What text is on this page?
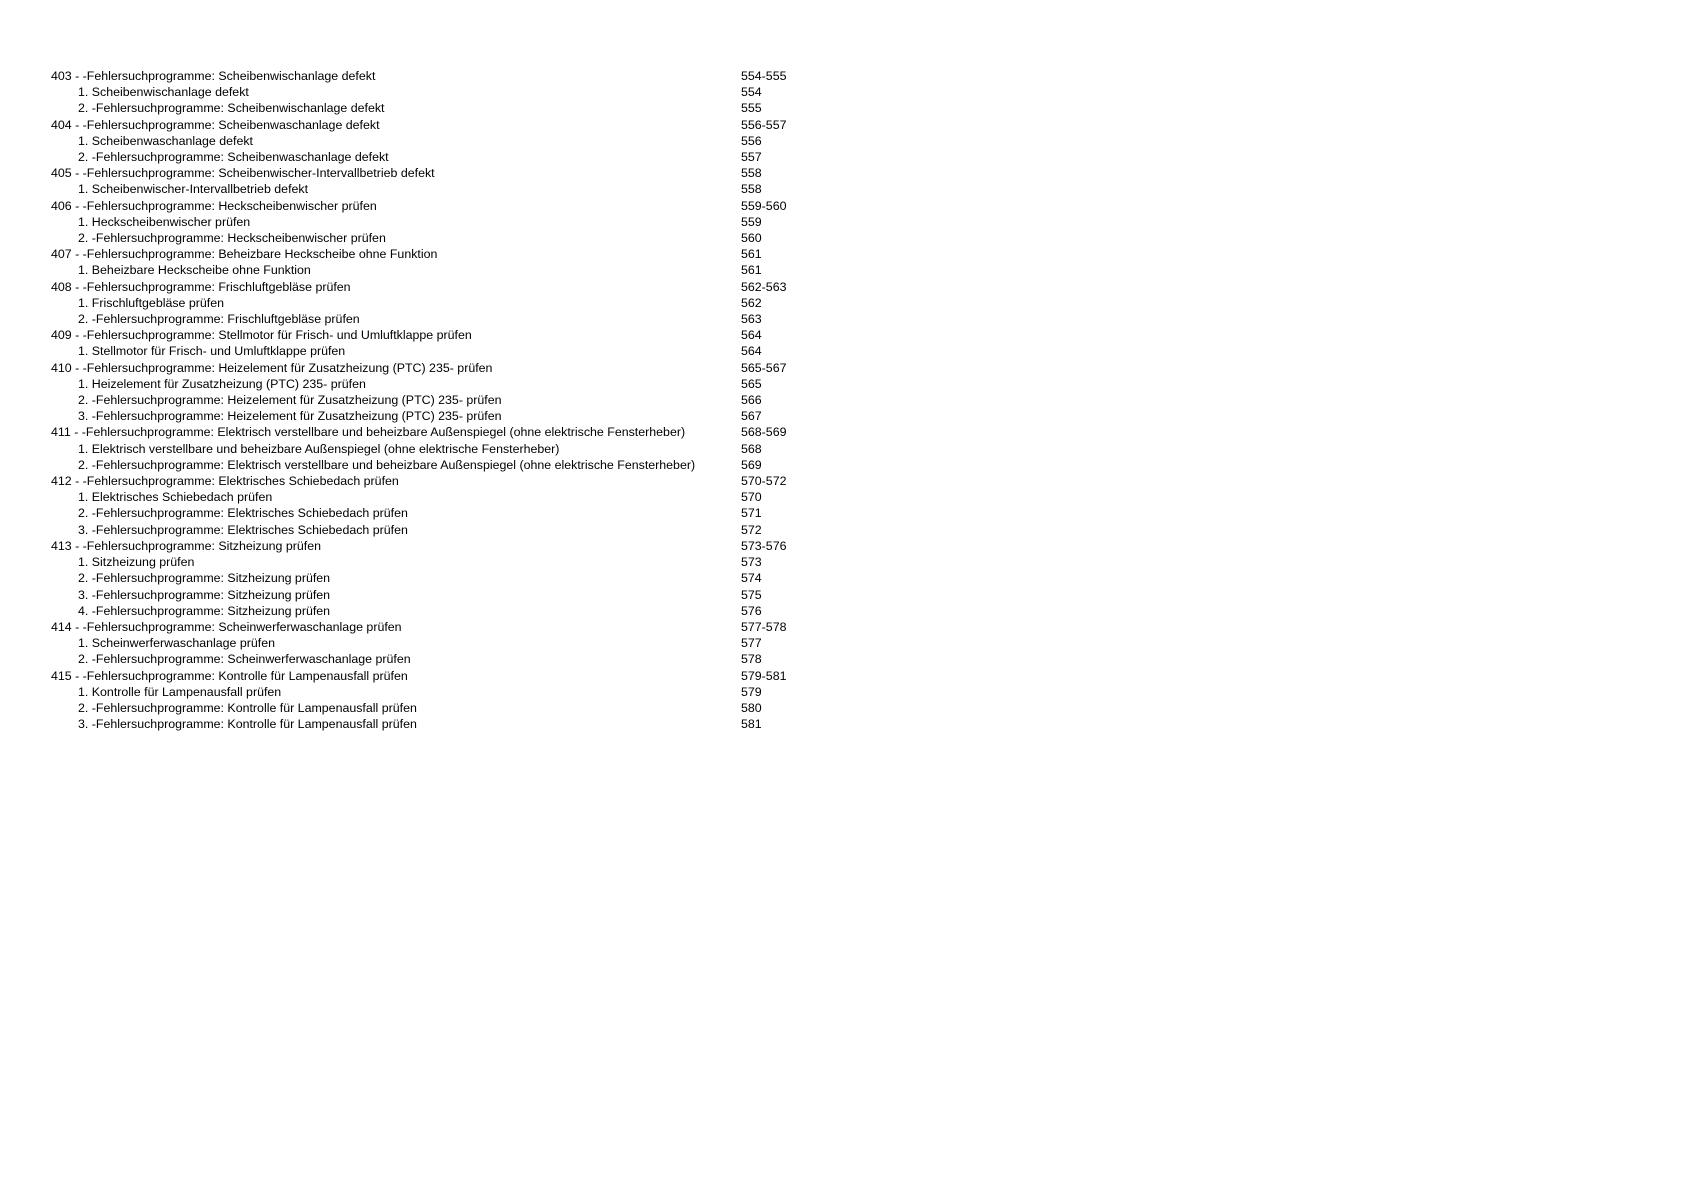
403 - -Fehlersuchprogramme: Scheibenwischanlage defekt	554-555
1. Scheibenwischanlage defekt	554
2. -Fehlersuchprogramme: Scheibenwischanlage defekt	555
404 - -Fehlersuchprogramme: Scheibenwaschanlage defekt	556-557
1. Scheibenwaschanlage defekt	556
2. -Fehlersuchprogramme: Scheibenwaschanlage defekt	557
405 - -Fehlersuchprogramme: Scheibenwischer-Intervallbetrieb defekt	558
1. Scheibenwischer-Intervallbetrieb defekt	558
406 - -Fehlersuchprogramme: Heckscheibenwischer prüfen	559-560
1. Heckscheibenwischer prüfen	559
2. -Fehlersuchprogramme: Heckscheibenwischer prüfen	560
407 - -Fehlersuchprogramme: Beheizbare Heckscheibe ohne Funktion	561
1. Beheizbare Heckscheibe ohne Funktion	561
408 - -Fehlersuchprogramme: Frischluftgebläse prüfen	562-563
1. Frischluftgebläse prüfen	562
2. -Fehlersuchprogramme: Frischluftgebläse prüfen	563
409 - -Fehlersuchprogramme: Stellmotor für Frisch- und Umluftklappe prüfen	564
1. Stellmotor für Frisch- und Umluftklappe prüfen	564
410 - -Fehlersuchprogramme: Heizelement für Zusatzheizung (PTC) 235- prüfen	565-567
1. Heizelement für Zusatzheizung (PTC) 235- prüfen	565
2. -Fehlersuchprogramme: Heizelement für Zusatzheizung (PTC) 235- prüfen	566
3. -Fehlersuchprogramme: Heizelement für Zusatzheizung (PTC) 235- prüfen	567
411 - -Fehlersuchprogramme: Elektrisch verstellbare und beheizbare Außenspiegel (ohne elektrische Fensterheber)	568-569
1. Elektrisch verstellbare und beheizbare Außenspiegel (ohne elektrische Fensterheber)	568
2. -Fehlersuchprogramme: Elektrisch verstellbare und beheizbare Außenspiegel (ohne elektrische Fensterheber)	569
412 - -Fehlersuchprogramme: Elektrisches Schiebedach prüfen	570-572
1. Elektrisches Schiebedach prüfen	570
2. -Fehlersuchprogramme: Elektrisches Schiebedach prüfen	571
3. -Fehlersuchprogramme: Elektrisches Schiebedach prüfen	572
413 - -Fehlersuchprogramme: Sitzheizung prüfen	573-576
1. Sitzheizung prüfen	573
2. -Fehlersuchprogramme: Sitzheizung prüfen	574
3. -Fehlersuchprogramme: Sitzheizung prüfen	575
4. -Fehlersuchprogramme: Sitzheizung prüfen	576
414 - -Fehlersuchprogramme: Scheinwerferwaschanlage prüfen	577-578
1. Scheinwerferwaschanlage prüfen	577
2. -Fehlersuchprogramme: Scheinwerferwaschanlage prüfen	578
415 - -Fehlersuchprogramme: Kontrolle für Lampenausfall prüfen	579-581
1. Kontrolle für Lampenausfall prüfen	579
2. -Fehlersuchprogramme: Kontrolle für Lampenausfall prüfen	580
3. -Fehlersuchprogramme: Kontrolle für Lampenausfall prüfen	581
